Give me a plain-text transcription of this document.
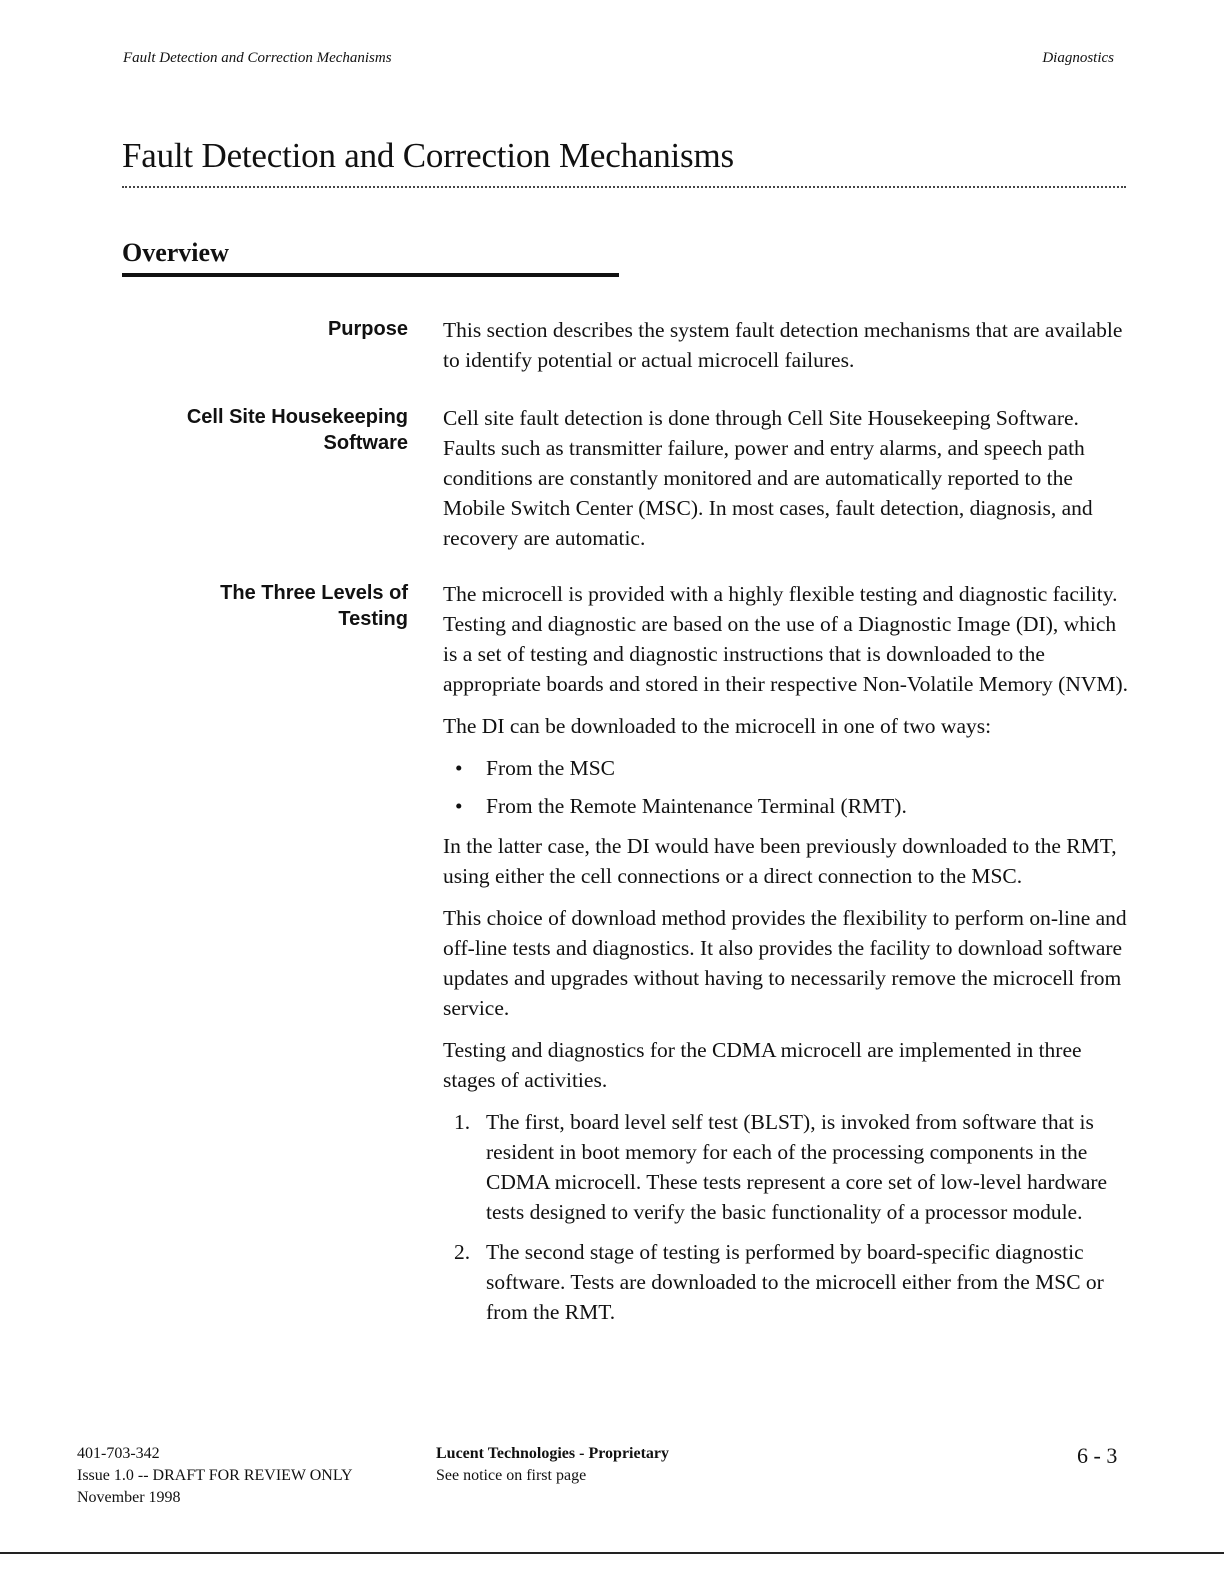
Fault Detection and Correction Mechanisms	Diagnostics
Fault Detection and Correction Mechanisms
Overview
Purpose This section describes the system fault detection mechanisms that are available to identify potential or actual microcell failures.

Cell Site Housekeeping
Software

Cell site fault detection is done through Cell Site Housekeeping Software. Faults such as transmitter failure, power and entry alarms, and speech path conditions are constantly monitored and are automatically reported to the Mobile Switch Center (MSC). In most cases, fault detection, diagnosis, and recovery are automatic.

The Three Levels of
Testing

The microcell is provided with a highly flexible testing and diagnostic facility. Testing and diagnostic are based on the use of a Diagnostic Image (DI), which is a set of testing and diagnostic instructions that is downloaded to the appropriate boards and stored in their respective Non-Volatile Memory (NVM).

The DI can be downloaded to the microcell in one of two ways:

• From the MSC
• From the Remote Maintenance Terminal (RMT).

In the latter case, the DI would have been previously downloaded to the RMT, using either the cell connections or a direct connection to the MSC.

This choice of download method provides the flexibility to perform on-line and off-line tests and diagnostics. It also provides the facility to download software updates and upgrades without having to necessarily remove the microcell from service.

Testing and diagnostics for the CDMA microcell are implemented in three stages of activities.

1. The first, board level self test (BLST), is invoked from software that is resident in boot memory for each of the processing components in the CDMA microcell. These tests represent a core set of low-level hardware tests designed to verify the basic functionality of a processor module.
2. The second stage of testing is performed by board-specific diagnostic software. Tests are downloaded to the microcell either from the MSC or from the RMT.
401-703-342
Issue 1.0 -- DRAFT FOR REVIEW ONLY
November 1998
Lucent Technologies - Proprietary
See notice on first page
6 - 3
